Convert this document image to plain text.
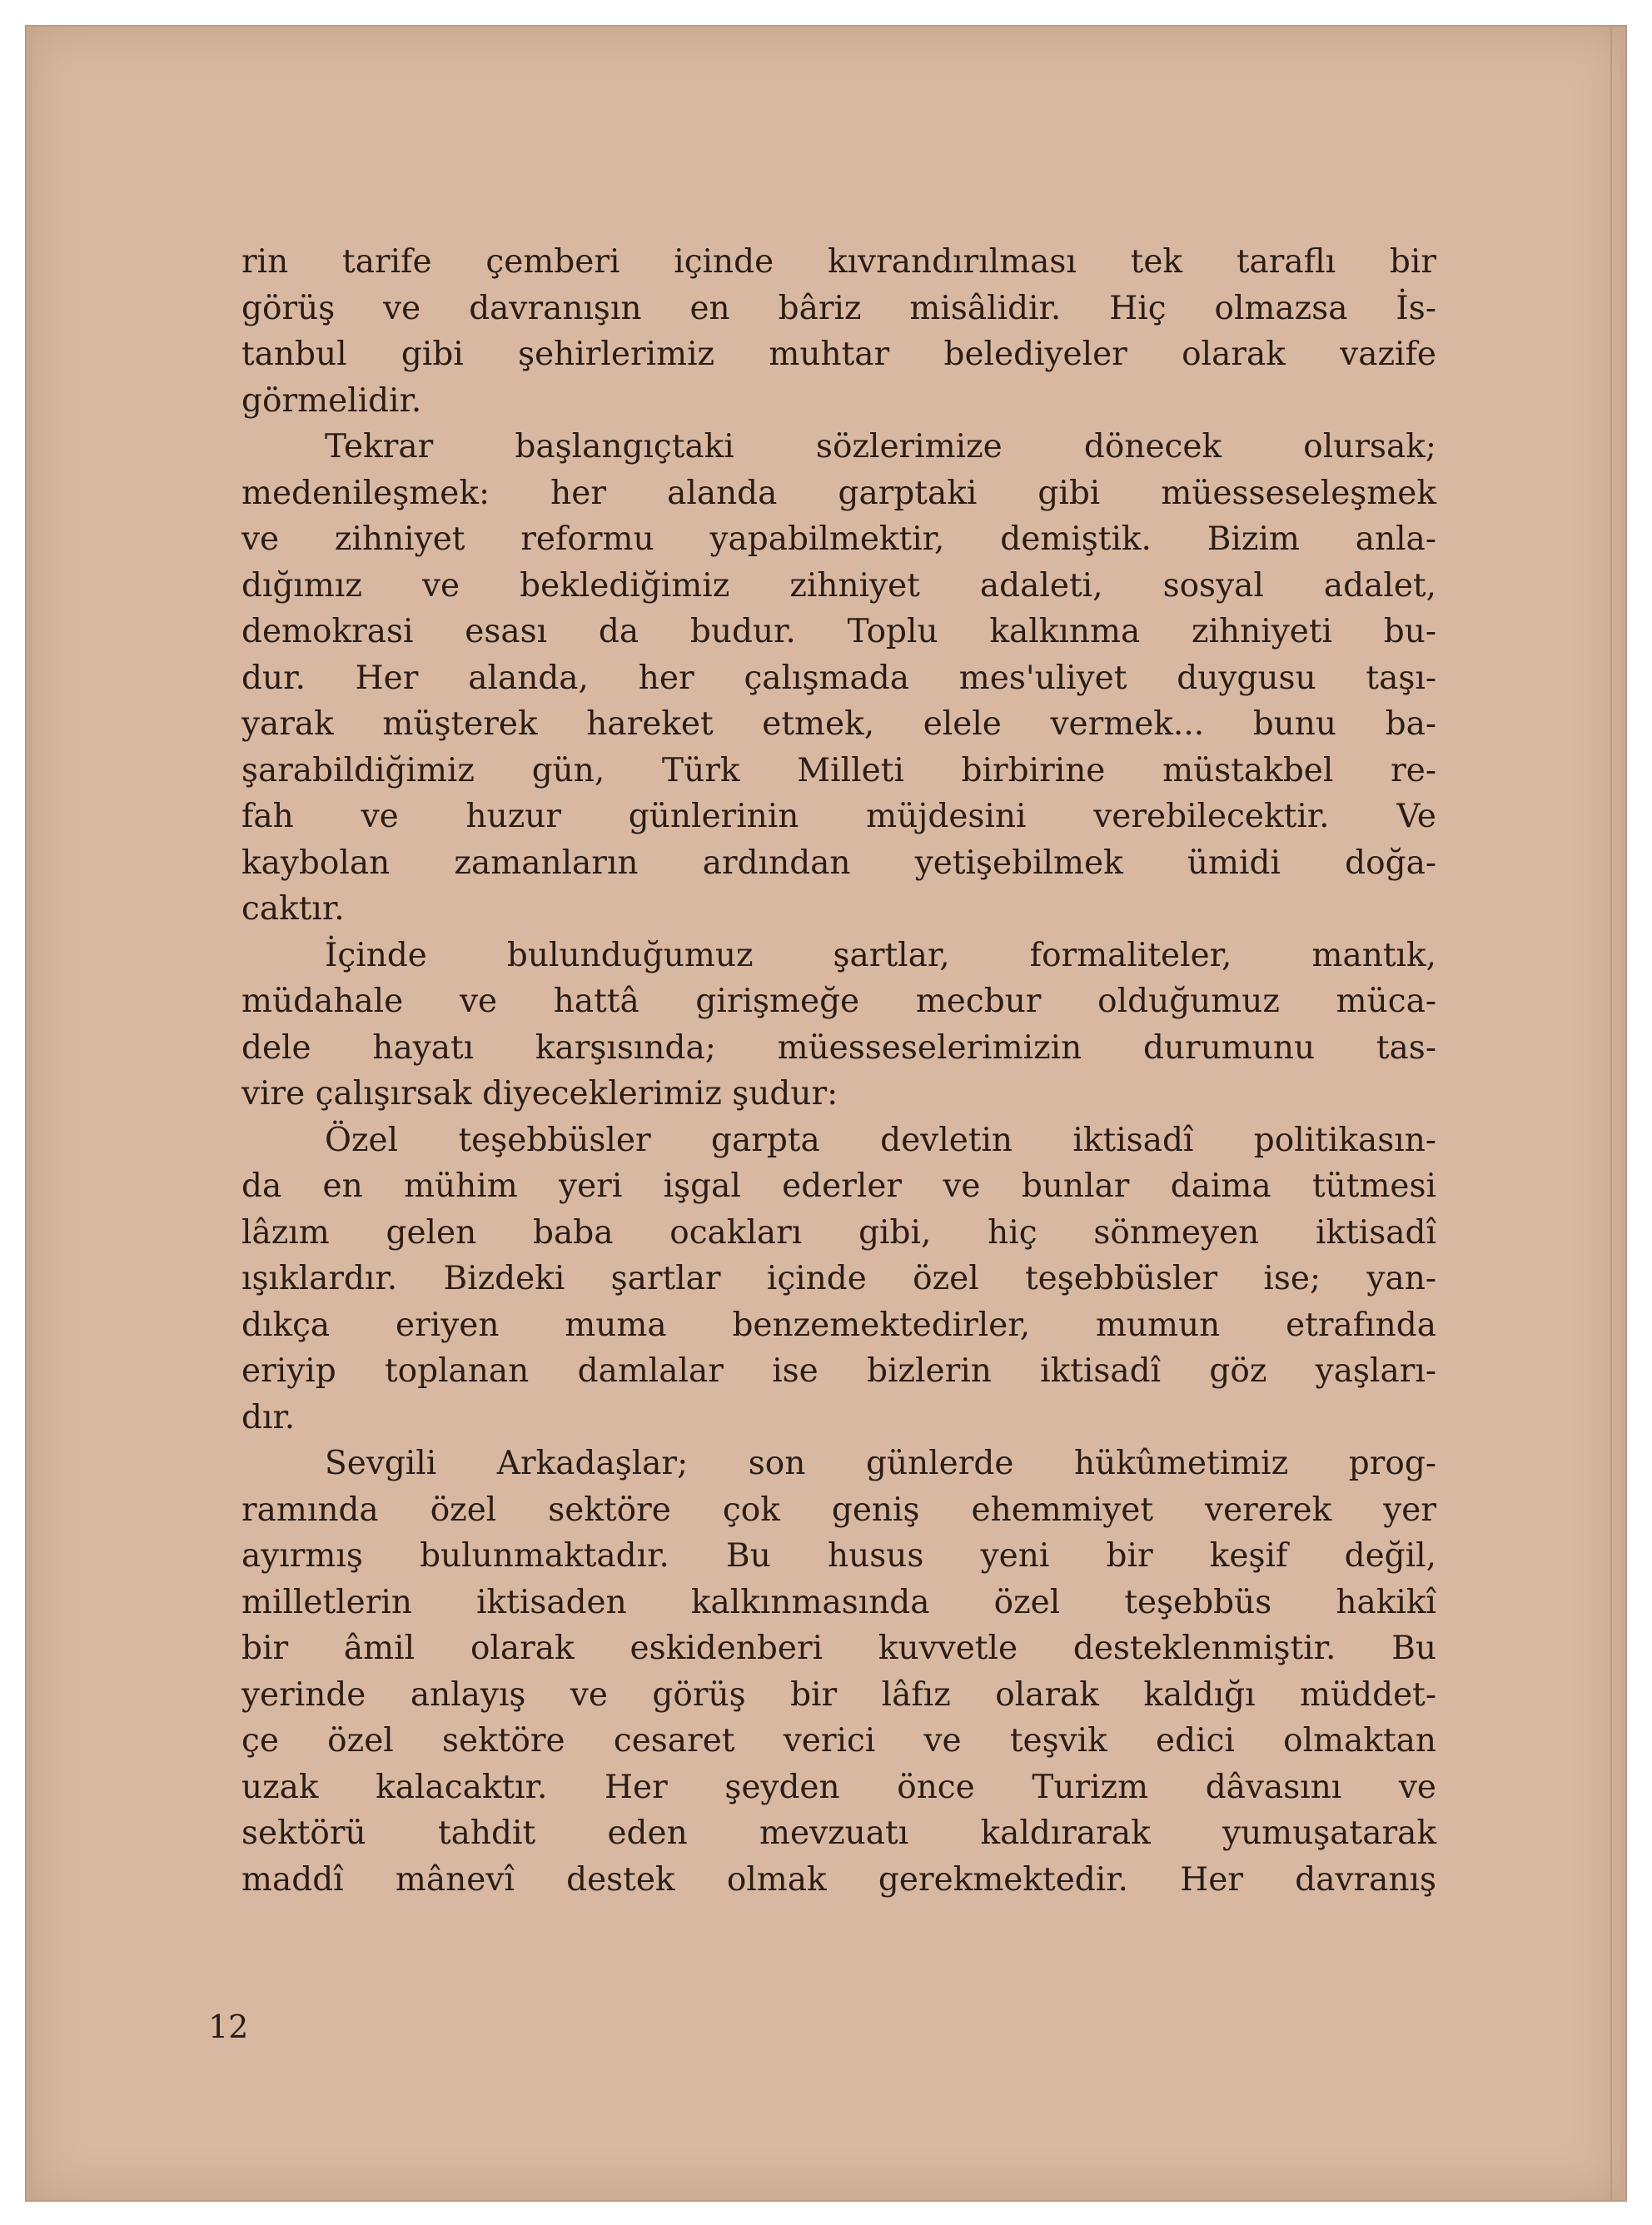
rin tarife çemberi içinde kıvrandırılması tek taraflı bir
görüş ve davranışın en bâriz misâlidir. Hiç olmazsa İs-
tanbul gibi şehirlerimiz muhtar belediyeler olarak vazife
görmelidir.
Tekrar başlangıçtaki sözlerimize dönecek olursak;
medenileşmek: her alanda garptaki gibi müesseseleşmek
ve zihniyet reformu yapabilmektir, demiştik. Bizim anla-
dığımız ve beklediğimiz zihniyet adaleti, sosyal adalet,
demokrasi esası da budur. Toplu kalkınma zihniyeti bu-
dur. Her alanda, her çalışmada mes'uliyet duygusu taşı-
yarak müşterek hareket etmek, elele vermek... bunu ba-
şarabildiğimiz gün, Türk Milleti birbirine müstakbel re-
fah ve huzur günlerinin müjdesini verebilecektir. Ve
kaybolan zamanların ardından yetişebilmek ümidi doğa-
caktır.
İçinde bulunduğumuz şartlar, formaliteler, mantık,
müdahale ve hattâ girişmeğe mecbur olduğumuz müca-
dele hayatı karşısında; müesseselerimizin durumunu tas-
vire çalışırsak diyeceklerimiz şudur:
Özel teşebbüsler garpta devletin iktisadî politikasın-
da en mühim yeri işgal ederler ve bunlar daima tütmesi
lâzım gelen baba ocakları gibi, hiç sönmeyen iktisadî
ışıklardır. Bizdeki şartlar içinde özel teşebbüsler ise; yan-
dıkça eriyen muma benzemektedirler, mumun etrafında
eriyip toplanan damlalar ise bizlerin iktisadî göz yaşları-
dır.
Sevgili Arkadaşlar; son günlerde hükûmetimiz prog-
ramında özel sektöre çok geniş ehemmiyet vererek yer
ayırmış bulunmaktadır. Bu husus yeni bir keşif değil,
milletlerin iktisaden kalkınmasında özel teşebbüs hakikî
bir âmil olarak eskidenberi kuvvetle desteklenmiştir. Bu
yerinde anlayış ve görüş bir lâfız olarak kaldığı müddet-
çe özel sektöre cesaret verici ve teşvik edici olmaktan
uzak kalacaktır. Her şeyden önce Turizm dâvasını ve
sektörü tahdit eden mevzuatı kaldırarak yumuşatarak
maddî mânevî destek olmak gerekmektedir. Her davranış
12
